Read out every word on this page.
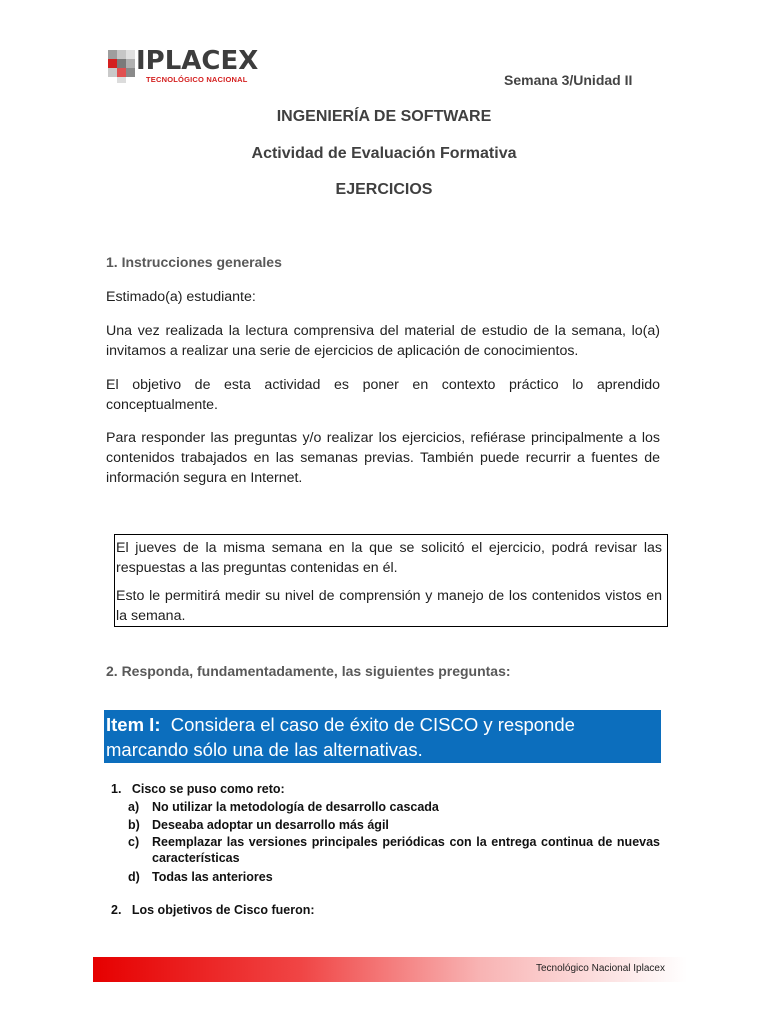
IPLACEX
TECNOLÓGICO NACIONAL	Semana 3/Unidad II
INGENIERÍA DE SOFTWARE
Actividad de Evaluación Formativa
EJERCICIOS
1. Instrucciones generales
Estimado(a) estudiante:
Una vez realizada la lectura comprensiva del material de estudio de la semana, lo(a) invitamos a realizar una serie de ejercicios de aplicación de conocimientos.
El objetivo de esta actividad es poner en contexto práctico lo aprendido conceptualmente.
Para responder las preguntas y/o realizar los ejercicios, refiérase principalmente a los contenidos trabajados en las semanas previas. También puede recurrir a fuentes de información segura en Internet.
El jueves de la misma semana en la que se solicitó el ejercicio, podrá revisar las respuestas a las preguntas contenidas en él.
Esto le permitirá medir su nivel de comprensión y manejo de los contenidos vistos en la semana.
2. Responda, fundamentadamente, las siguientes preguntas:
Item I: Considera el caso de éxito de CISCO y responde marcando sólo una de las alternativas.
1. Cisco se puso como reto:
a)	No utilizar la metodología de desarrollo cascada
b) Deseaba adoptar un desarrollo más ágil
c)	Reemplazar las versiones principales periódicas con la entrega continua de nuevas características
d) Todas las anteriores
2. Los objetivos de Cisco fueron:
Tecnológico Nacional Iplacex
